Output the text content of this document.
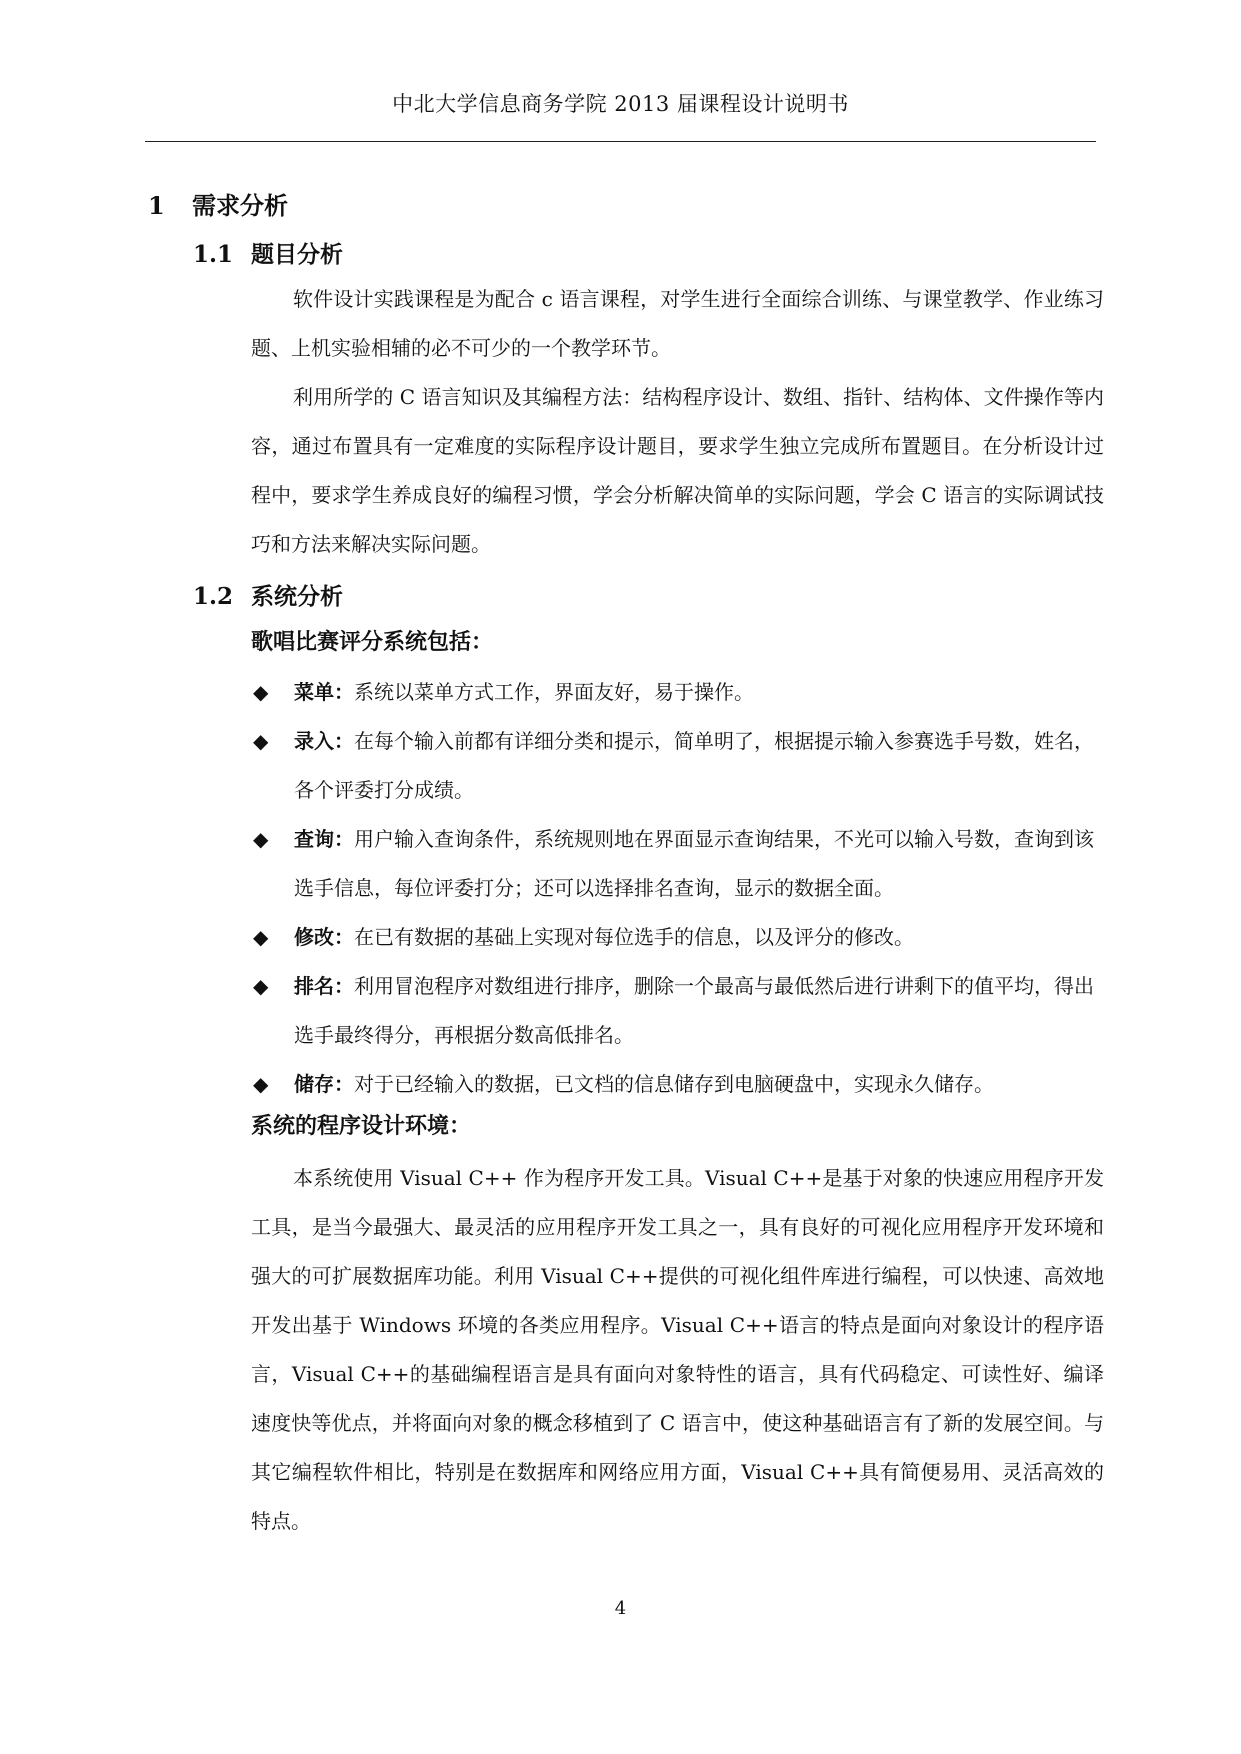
中北大学信息商务学院 2013 届课程设计说明书
1 需求分析
1.1 题目分析

软件设计实践课程是为配合 c 语言课程，对学生进行全面综合训练、与课堂教学、作业练习题、上机实验相辅的必不可少的一个教学环节。

利用所学的 C 语言知识及其编程方法：结构程序设计、数组、指针、结构体、文件操作等内容，通过布置具有一定难度的实际程序设计题目，要求学生独立完成所布置题目。在分析设计过程中，要求学生养成良好的编程习惯，学会分析解决简单的实际问题，学会 C 语言的实际调试技巧和方法来解决实际问题。

1.2 系统分析
歌唱比赛评分系统包括：
◆ 菜单：系统以菜单方式工作，界面友好，易于操作。
◆ 录入：在每个输入前都有详细分类和提示，简单明了，根据提示输入参赛选手号数，姓名，各个评委打分成绩。
◆ 查询：用户输入查询条件，系统规则地在界面显示查询结果，不光可以输入号数，查询到该选手信息，每位评委打分；还可以选择排名查询，显示的数据全面。
◆ 修改：在已有数据的基础上实现对每位选手的信息，以及评分的修改。
◆ 排名：利用冒泡程序对数组进行排序，删除一个最高与最低然后进行讲剩下的值平均，得出选手最终得分，再根据分数高低排名。
◆ 储存：对于已经输入的数据，已文档的信息储存到电脑硬盘中，实现永久储存。
系统的程序设计环境：

本系统使用 Visual C++ 作为程序开发工具。Visual C++是基于对象的快速应用程序开发工具，是当今最强大、最灵活的应用程序开发工具之一，具有良好的可视化应用程序开发环境和强大的可扩展数据库功能。利用 Visual C++提供的可视化组件库进行编程，可以快速、高效地开发出基于 Windows 环境的各类应用程序。Visual C++语言的特点是面向对象设计的程序语言，Visual C++的基础编程语言是具有面向对象特性的语言，具有代码稳定、可读性好、编译速度快等优点，并将面向对象的概念移植到了 C 语言中，使这种基础语言有了新的发展空间。与其它编程软件相比，特别是在数据库和网络应用方面，Visual C++具有简便易用、灵活高效的特点。

4
